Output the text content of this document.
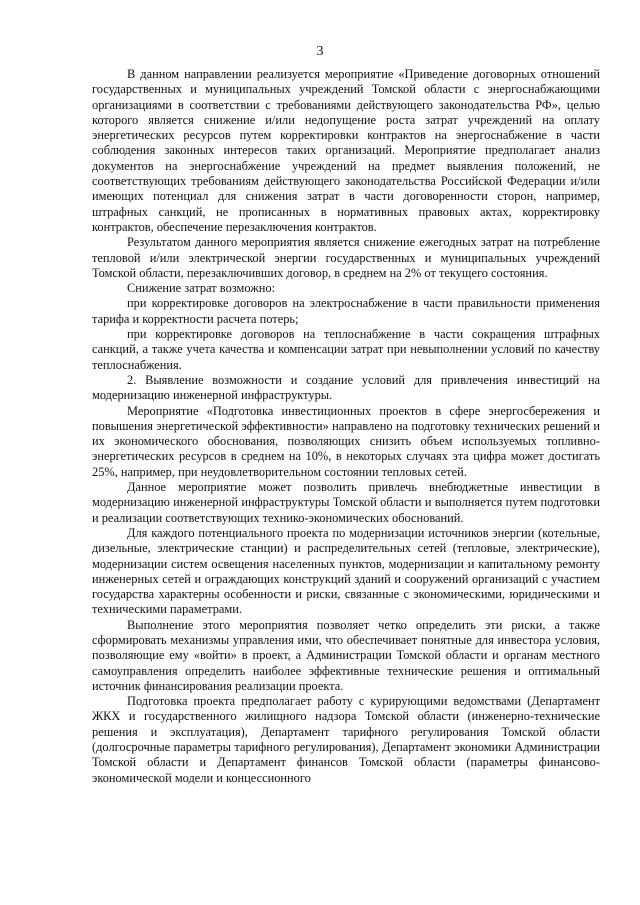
3

В данном направлении реализуется мероприятие «Приведение договорных отношений государственных и муниципальных учреждений Томской области с энергоснабжающими организациями в соответствии с требованиями действующего законодательства РФ», целью которого является снижение и/или недопущение роста затрат учреждений на оплату энергетических ресурсов путем корректировки контрактов на энергоснабжение в части соблюдения законных интересов таких организаций. Мероприятие предполагает анализ документов на энергоснабжение учреждений на предмет выявления положений, не соответствующих требованиям действующего законодательства Российской Федерации и/или имеющих потенциал для снижения затрат в части договоренности сторон, например, штрафных санкций, не прописанных в нормативных правовых актах, корректировку контрактов, обеспечение перезаключения контрактов.

Результатом данного мероприятия является снижение ежегодных затрат на потребление тепловой и/или электрической энергии государственных и муниципальных учреждений Томской области, перезаключивших договор, в среднем на 2% от текущего состояния.

Снижение затрат возможно:

при корректировке договоров на электроснабжение в части правильности применения тарифа и корректности расчета потерь;

при корректировке договоров на теплоснабжение в части сокращения штрафных санкций, а также учета качества и компенсации затрат при невыполнении условий по качеству теплоснабжения.

2. Выявление возможности и создание условий для привлечения инвестиций на модернизацию инженерной инфраструктуры.

Мероприятие «Подготовка инвестиционных проектов в сфере энергосбережения и повышения энергетической эффективности» направлено на подготовку технических решений и их экономического обоснования, позволяющих снизить объем используемых топливно-энергетических ресурсов в среднем на 10%, в некоторых случаях эта цифра может достигать 25%, например, при неудовлетворительном состоянии тепловых сетей.

Данное мероприятие может позволить привлечь внебюджетные инвестиции в модернизацию инженерной инфраструктуры Томской области и выполняется путем подготовки и реализации соответствующих технико-экономических обоснований.

Для каждого потенциального проекта по модернизации источников энергии (котельные, дизельные, электрические станции) и распределительных сетей (тепловые, электрические), модернизации систем освещения населенных пунктов, модернизации и капитальному ремонту инженерных сетей и ограждающих конструкций зданий и сооружений организаций с участием государства характерны особенности и риски, связанные с экономическими, юридическими и техническими параметрами.

Выполнение этого мероприятия позволяет четко определить эти риски, а также сформировать механизмы управления ими, что обеспечивает понятные для инвестора условия, позволяющие ему «войти» в проект, а Администрации Томской области и органам местного самоуправления определить наиболее эффективные технические решения и оптимальный источник финансирования реализации проекта.

Подготовка проекта предполагает работу с курирующими ведомствами (Департамент ЖКХ и государственного жилищного надзора Томской области (инженерно-технические решения и эксплуатация), Департамент тарифного регулирования Томской области (долгосрочные параметры тарифного регулирования), Департамент экономики Администрации Томской области и Департамент финансов Томской области (параметры финансово-экономической модели и концессионного
